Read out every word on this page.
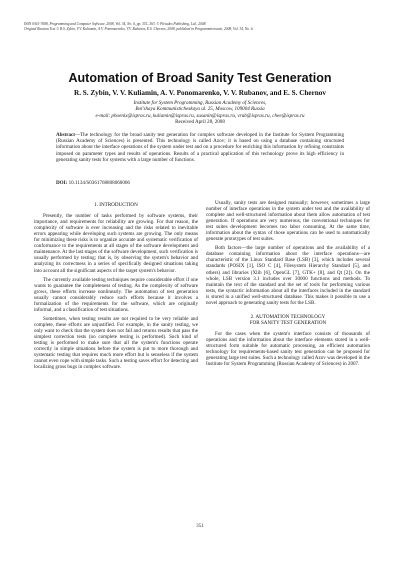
ISSN 0361-7688, Programming and Computer Software, 2008, Vol. 34, No. 6, pp. 351–363. © Pleiades Publishing, Ltd., 2008.
Original Russian Text © R.S. Zybin, V.V. Kuliamin, A.V. Ponomarenko, V.V. Rubanov, E.S. Chernov, 2008, published in Programmirovanie, 2008, Vol. 34, No. 6.
Automation of Broad Sanity Test Generation
R. S. Zybin, V. V. Kuliamin, A. V. Ponomarenko, V. V. Rubanov, and E. S. Chernov
Institute for System Programming, Russian Academy of Sciences,
Bol'shaya Kommunisticheskaya ul. 25, Moscow, 109004 Russia
e-mail: phoenix@ispras.ru, kuliamin@ispras.ru, susanin@ispras.ru, vrub@ispras.ru, chee@ispras.ru
Received April 28, 2008
Abstract—The technology for the broad sanity test generation for complex software developed in the Institute for System Programming (Russian Academy of Sciences) is presented. This technology is called Azov; it is based on using a database containing structured information about the interface operations of the system under test and on a procedure for enriching this information by refining constraints imposed on parameter types and results of operations. Results of a practical application of this technology prove its high efficiency in generating sanity tests for systems with a large number of functions.
DOI: 10.1134/S0361768808060066
1. INTRODUCTION

Presently, the number of tasks performed by software systems, their importance, and requirements for reliability are growing. For that reason, the complexity of software is ever increasing and the risks related to inevitable errors appearing while developing such systems are growing. The only means for minimizing these risks is to organize accurate and systematic verification of conformance to the requirements at all stages of the software development and maintenance. At the last stages of the software development, such verification is usually performed by testing; that is, by observing the system's behavior and analyzing its correctness in a series of specifically designed situations taking into account all the significant aspects of the target system's behavior.

The currently available testing techniques require considerable effort if one wants to guarantee the completeness of testing. As the complexity of software grows, these efforts increase nonlinearly. The automation of test generation usually cannot considerably reduce such efforts because it involves a formalization of the requirements for the software, which are originally informal, and a classification of test situations.

Sometimes, when testing results are not required to be very reliable and complete, these efforts are unjustified. For example, in the sanity testing, we only want to check that the system does not fail and returns results that pass the simplest correction tests (no complete testing is performed). Such kind of testing is performed to make sure that all the system's functions operate correctly in simple situations before the system is put to more thorough and systematic testing that requires much more effort but is senseless if the system cannot even cope with simple tasks. Such a testing saves effort for detecting and localizing gross bugs in complex software.

Usually, sanity tests are designed manually; however, sometimes a large number of interface operations in the system under test and the availability of complete and well-structured information about them allow automation of test generation. If operations are very numerous, the conventional techniques for test suites development becomes too labor consuming. At the same time, information about the syntax of those operations can be used to automatically generate prototypes of test suites.

Both factors—the large number of operations and the availability of a database containing information about the interface operations—are characteristic of the Linux Standard Base (LSB) [3], which includes several standards (POSIX [1], ISO C [4], Filesystem Hierarchy Standard [5], and others) and libraries (Xlib [6], OpenGL [7], GTK+ [8], and Qt [2]). On the whole, LSB version 3.1 includes over 30000 functions and methods. To maintain the text of the standard and the set of tools for performing various tests, the syntactic information about all the interfaces included in the standard is stored in a unified well-structured database. This makes it possible to use a novel approach to generating sanity tests for the LSB.

2. AUTOMATION TECHNOLOGY
FOR SANITY TEST GENERATION

For the cases when the system's interface consists of thousands of operations and the information about the interface elements stored in a well-structured form suitable for automatic processing, an efficient automation technology for requirements-based sanity test generation can be proposed for generating large test suites. Such a technology called Azov was developed in the Institute for System Programming (Russian Academy of Sciences) in 2007.

351
